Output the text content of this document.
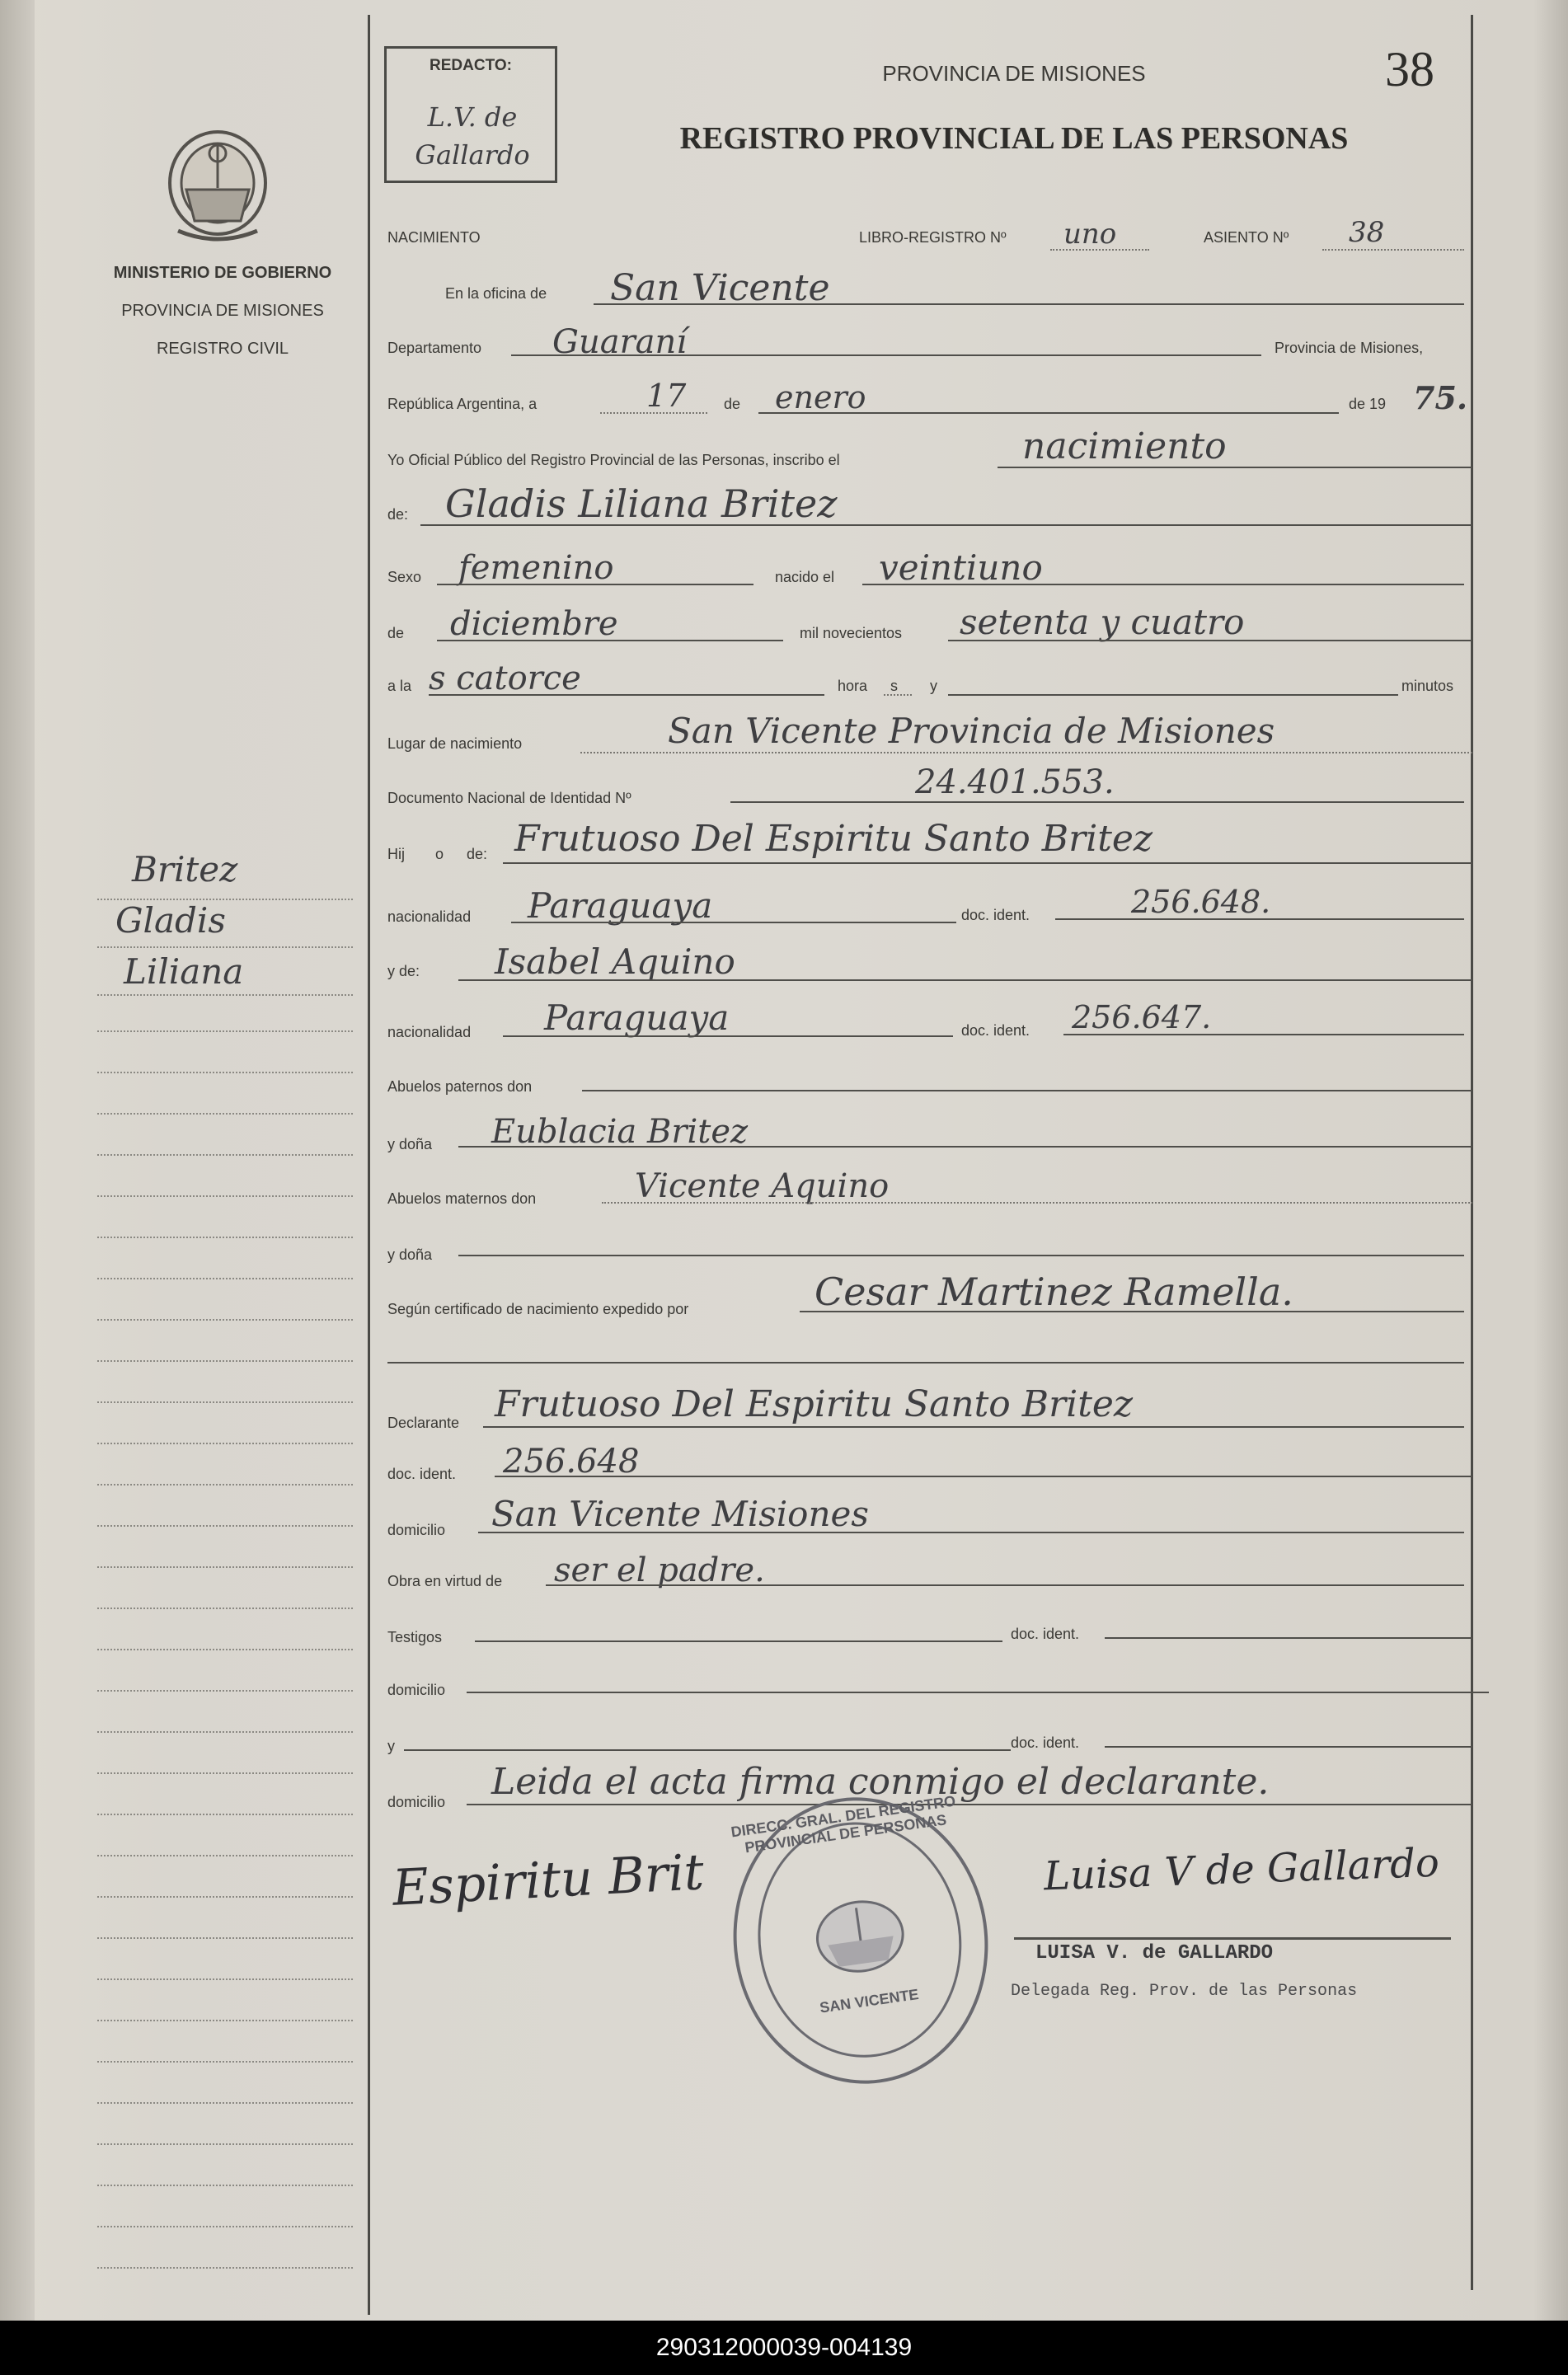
MINISTERIO DE GOBIERNO
PROVINCIA DE MISIONES
REGISTRO CIVIL
Britez
Gladis
Liliana
REDACTO:
L.V. de Gallardo
PROVINCIA DE MISIONES
REGISTRO PROVINCIAL DE LAS PERSONAS
38
NACIMIENTO	LIBRO-REGISTRO Nº uno	ASIENTO Nº 38
En la oficina de San Vicente
Departamento Guaraní	Provincia de Misiones,
República Argentina, a	17	de enero	de 19 75.
Yo Oficial Público del Registro Provincial de las Personas, inscribo el	nacimiento
de: Gladis Liliana Britez
Sexo femenino	nacido el veintiuno
de diciembre	mil novecientos setenta y cuatro
a la s catorce	hora s y	minutos
Lugar de nacimiento	San Vicente Provincia de Misiones
Documento Nacional de Identidad Nº	24.401.553.
Hij o de: Frutuoso Del Espiritu Santo Britez
nacionalidad Paraguaya	doc. ident.	256.648.
y de: Isabel Aquino
nacionalidad Paraguaya	doc. ident. 256.647.
Abuelos paternos don
y doña Eublacia Britez
Abuelos maternos don	Vicente Aquino
y doña
Según certificado de nacimiento expedido por	Cesar Martinez Ramella.
Declarante Frutuoso Del Espiritu Santo Britez
doc. ident. 256.648
domicilio San Vicente Misiones
Obra en virtud de ser el padre.
Testigos	doc. ident.
domicilio
y	doc. ident.
domicilio Leida el acta firma conmigo el declarante.
Espiritu Brit	Luisa V de Gallardo
LUISA V. de GALLARDO
Delegada Reg. Prov. de las Personas
DIRECC. GRAL. DEL REGISTRO PROVINCIAL DE PERSONAS
SAN VICENTE
290312000039-004139
